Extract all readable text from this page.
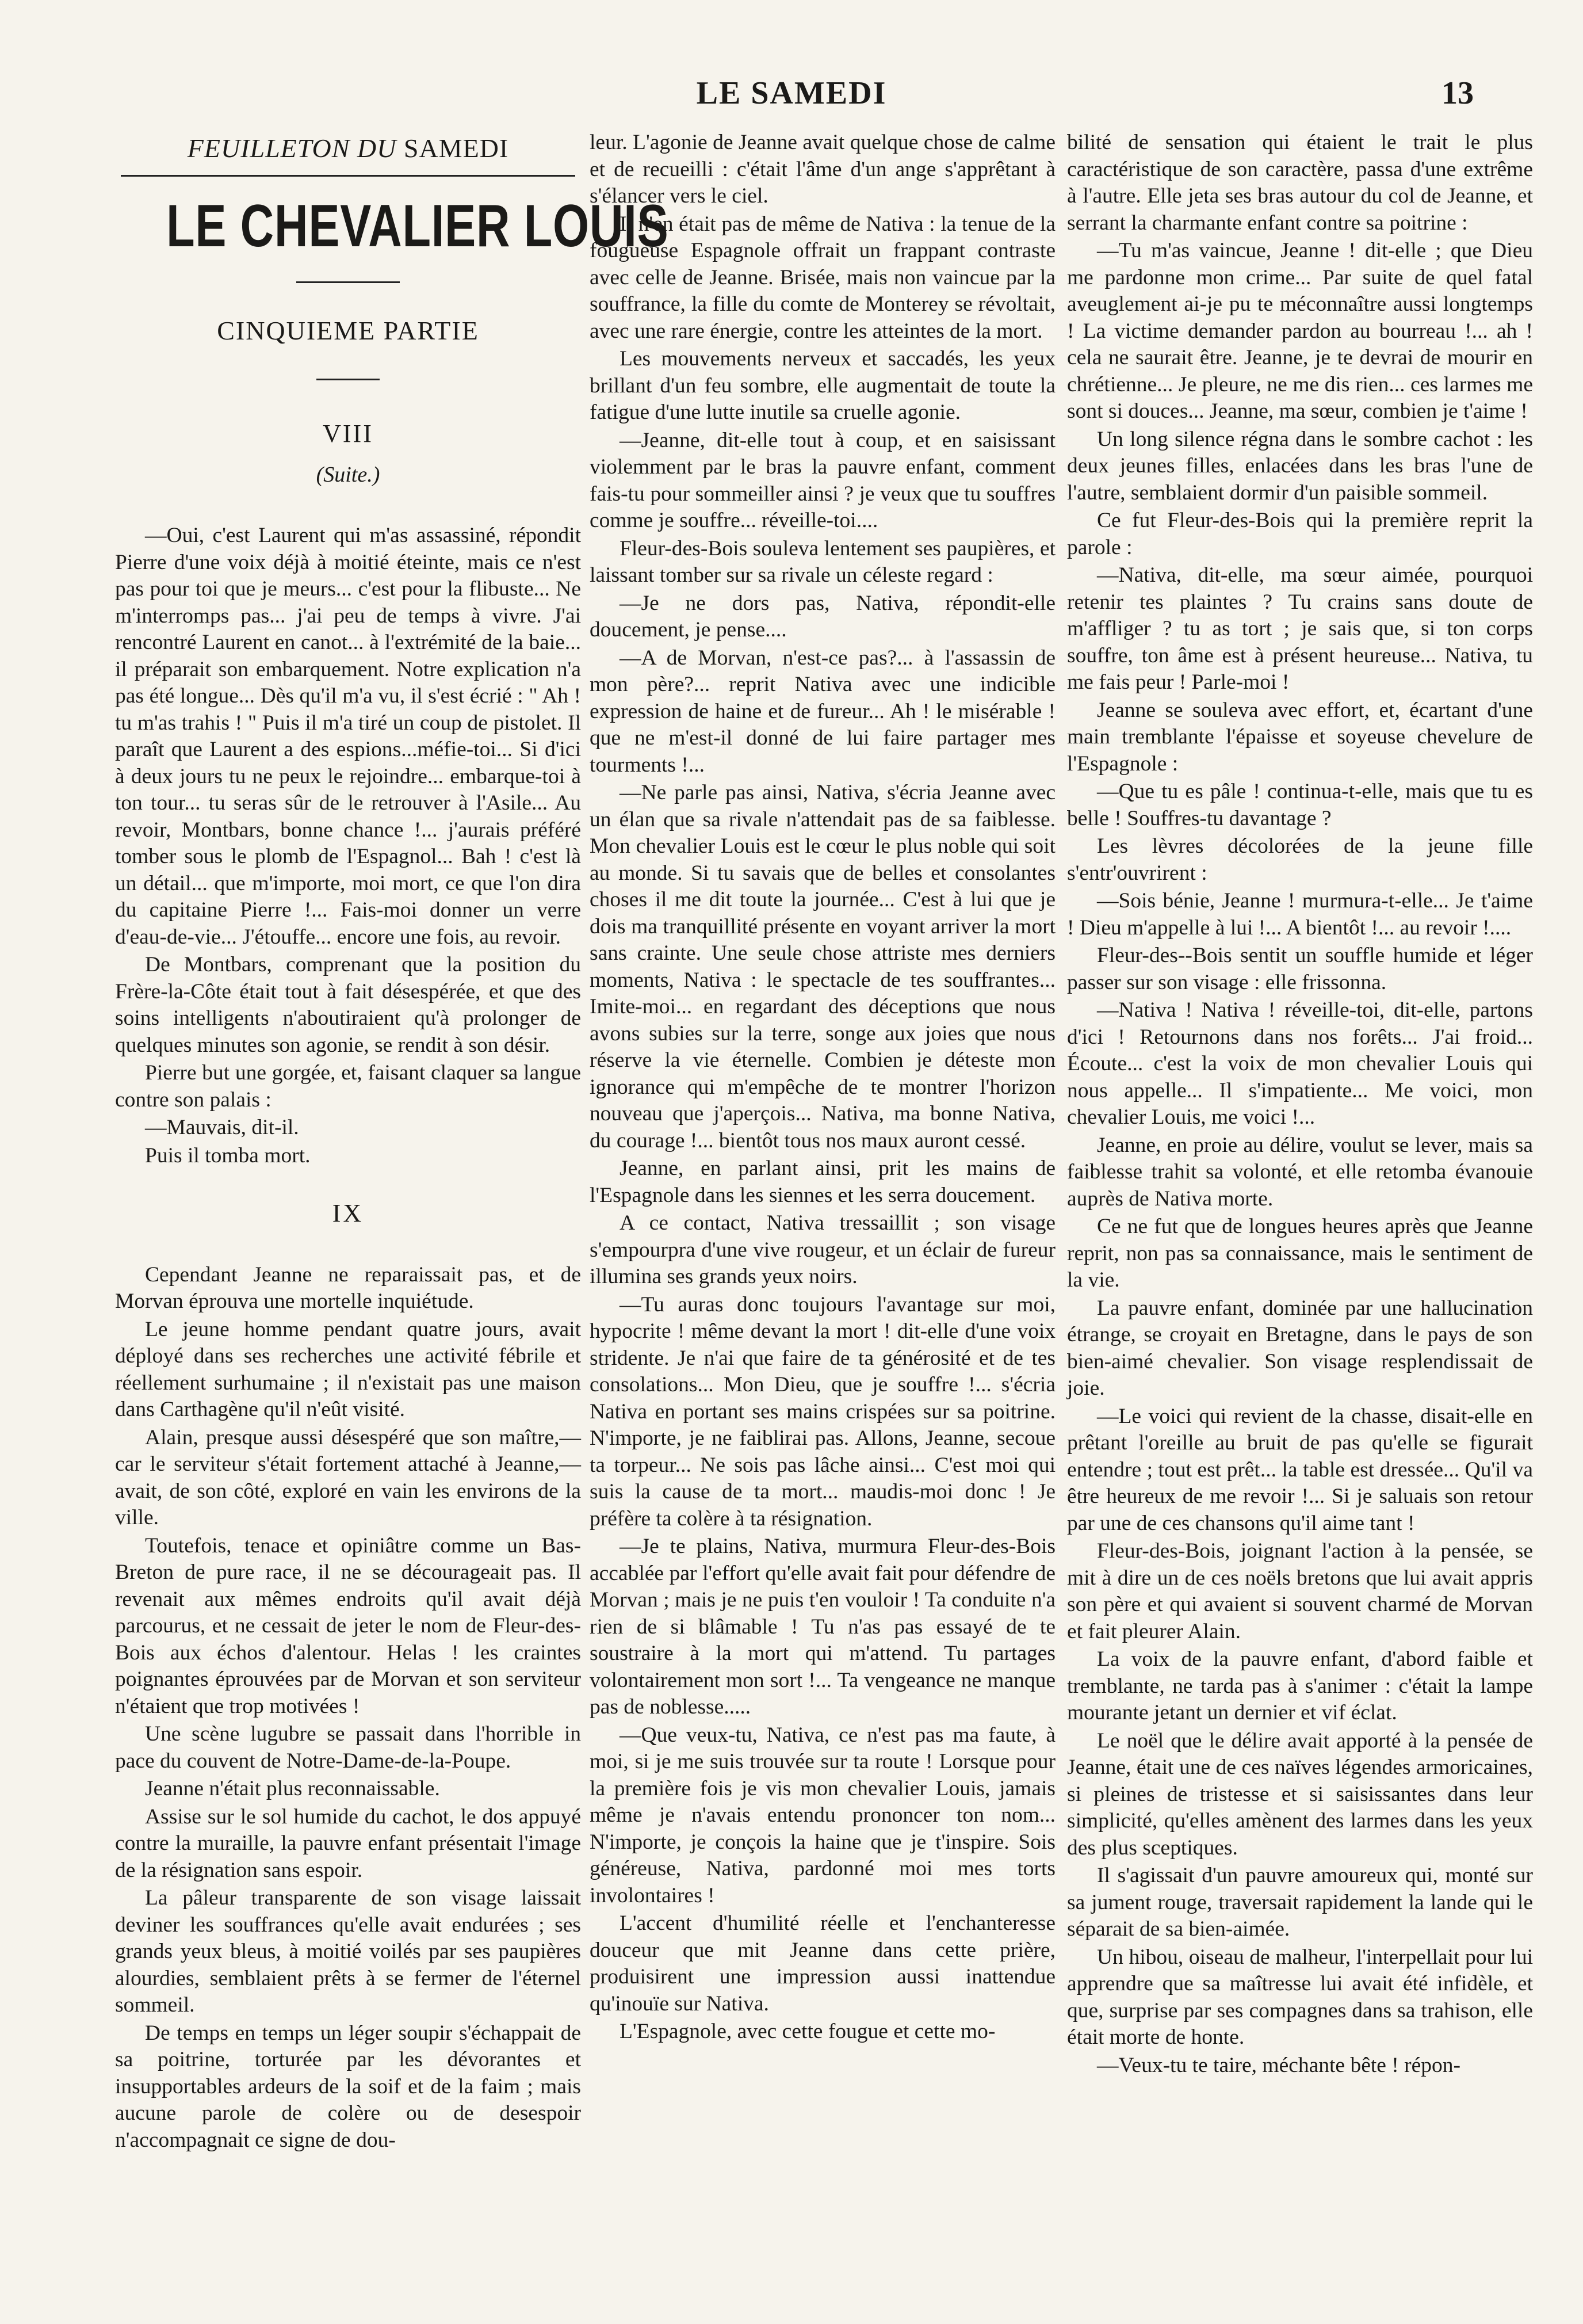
LE SAMEDI	13
FEUILLETON DU SAMEDI
LE CHEVALIER LOUIS
CINQUIEME PARTIE
VIII
(Suite.)

—Oui, c'est Laurent qui m'as assassiné, répondit Pierre d'une voix déjà à moitié éteinte, mais ce n'est pas pour toi que je meurs... c'est pour la flibuste... Ne m'interromps pas... j'ai peu de temps à vivre. J'ai rencontré Laurent en canot... à l'extrémité de la baie... il préparait son embarquement. Notre explication n'a pas été longue... Dès qu'il m'a vu, il s'est écrié : " Ah ! tu m'as trahis ! " Puis il m'a tiré un coup de pistolet. Il paraît que Laurent a des espions...méfie-toi... Si d'ici à deux jours tu ne peux le rejoindre... embarque-toi à ton tour... tu seras sûr de le retrouver à l'Asile... Au revoir, Montbars, bonne chance !... j'aurais préféré tomber sous le plomb de l'Espagnol... Bah ! c'est là un détail... que m'importe, moi mort, ce que l'on dira du capitaine Pierre !... Fais-moi donner un verre d'eau-de-vie... J'étouffe... encore une fois, au revoir.

De Montbars, comprenant que la position du Frère-la-Côte était tout à fait désespérée, et que des soins intelligents n'aboutiraient qu'à prolonger de quelques minutes son agonie, se rendit à son désir.

Pierre but une gorgée, et, faisant claquer sa langue contre son palais :

—Mauvais, dit-il.

Puis il tomba mort.

IX

Cependant Jeanne ne reparaissait pas, et de Morvan éprouva une mortelle inquiétude.

Le jeune homme pendant quatre jours, avait déployé dans ses recherches une activité fébrile et réellement surhumaine ; il n'existait pas une maison dans Carthagène qu'il n'eût visité.

Alain, presque aussi désespéré que son maître,—car le serviteur s'était fortement attaché à Jeanne,—avait, de son côté, exploré en vain les environs de la ville.

Toutefois, tenace et opiniâtre comme un Bas-Breton de pure race, il ne se décourageait pas. Il revenait aux mêmes endroits qu'il avait déjà parcourus, et ne cessait de jeter le nom de Fleur-des-Bois aux échos d'alentour. Helas ! les craintes poignantes éprouvées par de Morvan et son serviteur n'étaient que trop motivées !

Une scène lugubre se passait dans l'horrible in pace du couvent de Notre-Dame-de-la-Poupe.

Jeanne n'était plus reconnaissable.

Assise sur le sol humide du cachot, le dos appuyé contre la muraille, la pauvre enfant présentait l'image de la résignation sans espoir.

La pâleur transparente de son visage laissait deviner les souffrances qu'elle avait endurées ; ses grands yeux bleus, à moitié voilés par ses paupières alourdies, semblaient prêts à se fermer de l'éternel sommeil.

De temps en temps un léger soupir s'échappait de sa poitrine, torturée par les dévorantes et insupportables ardeurs de la soif et de la faim ; mais aucune parole de colère ou de desespoir n'accompagnait ce signe de dou-

leur. L'agonie de Jeanne avait quelque chose de calme et de recueilli : c'était l'âme d'un ange s'apprêtant à s'élancer vers le ciel.

Il n'en était pas de même de Nativa : la tenue de la fougueuse Espagnole offrait un frappant contraste avec celle de Jeanne. Brisée, mais non vaincue par la souffrance, la fille du comte de Monterey se révoltait, avec une rare énergie, contre les atteintes de la mort.

Les mouvements nerveux et saccadés, les yeux brillant d'un feu sombre, elle augmentait de toute la fatigue d'une lutte inutile sa cruelle agonie.

—Jeanne, dit-elle tout à coup, et en saisissant violemment par le bras la pauvre enfant, comment fais-tu pour sommeiller ainsi ? je veux que tu souffres comme je souffre... réveille-toi....

Fleur-des-Bois souleva lentement ses paupières, et laissant tomber sur sa rivale un céleste regard :

—Je ne dors pas, Nativa, répondit-elle doucement, je pense....

—A de Morvan, n'est-ce pas?... à l'assassin de mon père?... reprit Nativa avec une indicible expression de haine et de fureur... Ah ! le misérable ! que ne m'est-il donné de lui faire partager mes tourments !...

—Ne parle pas ainsi, Nativa, s'écria Jeanne avec un élan que sa rivale n'attendait pas de sa faiblesse. Mon chevalier Louis est le cœur le plus noble qui soit au monde. Si tu savais que de belles et consolantes choses il me dit toute la journée... C'est à lui que je dois ma tranquillité présente en voyant arriver la mort sans crainte. Une seule chose attriste mes derniers moments, Nativa : le spectacle de tes souffrantes... Imite-moi... en regardant des déceptions que nous avons subies sur la terre, songe aux joies que nous réserve la vie éternelle. Combien je déteste mon ignorance qui m'empêche de te montrer l'horizon nouveau que j'aperçois... Nativa, ma bonne Nativa, du courage !... bientôt tous nos maux auront cessé.

Jeanne, en parlant ainsi, prit les mains de l'Espagnole dans les siennes et les serra doucement.

A ce contact, Nativa tressaillit ; son visage s'empourpra d'une vive rougeur, et un éclair de fureur illumina ses grands yeux noirs.

—Tu auras donc toujours l'avantage sur moi, hypocrite ! même devant la mort ! dit-elle d'une voix stridente. Je n'ai que faire de ta générosité et de tes consolations... Mon Dieu, que je souffre !... s'écria Nativa en portant ses mains crispées sur sa poitrine. N'importe, je ne faiblirai pas. Allons, Jeanne, secoue ta torpeur... Ne sois pas lâche ainsi... C'est moi qui suis la cause de ta mort... maudis-moi donc ! Je préfère ta colère à ta résignation.

—Je te plains, Nativa, murmura Fleur-des-Bois accablée par l'effort qu'elle avait fait pour défendre de Morvan ; mais je ne puis t'en vouloir ! Ta conduite n'a rien de si blâmable ! Tu n'as pas essayé de te soustraire à la mort qui m'attend. Tu partages volontairement mon sort !... Ta vengeance ne manque pas de noblesse.....

—Que veux-tu, Nativa, ce n'est pas ma faute, à moi, si je me suis trouvée sur ta route ! Lorsque pour la première fois je vis mon chevalier Louis, jamais même je n'avais entendu prononcer ton nom... N'importe, je conçois la haine que je t'inspire. Sois généreuse, Nativa, pardonné moi mes torts involontaires !

L'accent d'humilité réelle et l'enchanteresse douceur que mit Jeanne dans cette prière, produisirent une impression aussi inattendue qu'inouïe sur Nativa.

L'Espagnole, avec cette fougue et cette mo-

bilité de sensation qui étaient le trait le plus caractéristique de son caractère, passa d'une extrême à l'autre. Elle jeta ses bras autour du col de Jeanne, et serrant la charmante enfant contre sa poitrine :

—Tu m'as vaincue, Jeanne ! dit-elle ; que Dieu me pardonne mon crime... Par suite de quel fatal aveuglement ai-je pu te méconnaître aussi longtemps ! La victime demander pardon au bourreau !... ah ! cela ne saurait être. Jeanne, je te devrai de mourir en chrétienne... Je pleure, ne me dis rien... ces larmes me sont si douces... Jeanne, ma sœur, combien je t'aime !

Un long silence régna dans le sombre cachot : les deux jeunes filles, enlacées dans les bras l'une de l'autre, semblaient dormir d'un paisible sommeil.

Ce fut Fleur-des-Bois qui la première reprit la parole :

—Nativa, dit-elle, ma sœur aimée, pourquoi retenir tes plaintes ? Tu crains sans doute de m'affliger ? tu as tort ; je sais que, si ton corps souffre, ton âme est à présent heureuse... Nativa, tu me fais peur ! Parle-moi !

Jeanne se souleva avec effort, et, écartant d'une main tremblante l'épaisse et soyeuse chevelure de l'Espagnole :

—Que tu es pâle ! continua-t-elle, mais que tu es belle ! Souffres-tu davantage ?

Les lèvres décolorées de la jeune fille s'entr'ouvrirent :

—Sois bénie, Jeanne ! murmura-t-elle... Je t'aime ! Dieu m'appelle à lui !... A bientôt !... au revoir !....

Fleur-des--Bois sentit un souffle humide et léger passer sur son visage : elle frissonna.

—Nativa ! Nativa ! réveille-toi, dit-elle, partons d'ici ! Retournons dans nos forêts... J'ai froid... Écoute... c'est la voix de mon chevalier Louis qui nous appelle... Il s'impatiente... Me voici, mon chevalier Louis, me voici !...

Jeanne, en proie au délire, voulut se lever, mais sa faiblesse trahit sa volonté, et elle retomba évanouie auprès de Nativa morte.

Ce ne fut que de longues heures après que Jeanne reprit, non pas sa connaissance, mais le sentiment de la vie.

La pauvre enfant, dominée par une hallucination étrange, se croyait en Bretagne, dans le pays de son bien-aimé chevalier. Son visage resplendissait de joie.

—Le voici qui revient de la chasse, disait-elle en prêtant l'oreille au bruit de pas qu'elle se figurait entendre ; tout est prêt... la table est dressée... Qu'il va être heureux de me revoir !... Si je saluais son retour par une de ces chansons qu'il aime tant !

Fleur-des-Bois, joignant l'action à la pensée, se mit à dire un de ces noëls bretons que lui avait appris son père et qui avaient si souvent charmé de Morvan et fait pleurer Alain.

La voix de la pauvre enfant, d'abord faible et tremblante, ne tarda pas à s'animer : c'était la lampe mourante jetant un dernier et vif éclat.

Le noël que le délire avait apporté à la pensée de Jeanne, était une de ces naïves légendes armoricaines, si pleines de tristesse et si saisissantes dans leur simplicité, qu'elles amènent des larmes dans les yeux des plus sceptiques.

Il s'agissait d'un pauvre amoureux qui, monté sur sa jument rouge, traversait rapidement la lande qui le séparait de sa bien-aimée.

Un hibou, oiseau de malheur, l'interpellait pour lui apprendre que sa maîtresse lui avait été infidèle, et que, surprise par ses compagnes dans sa trahison, elle était morte de honte.

—Veux-tu te taire, méchante bête ! répon-
